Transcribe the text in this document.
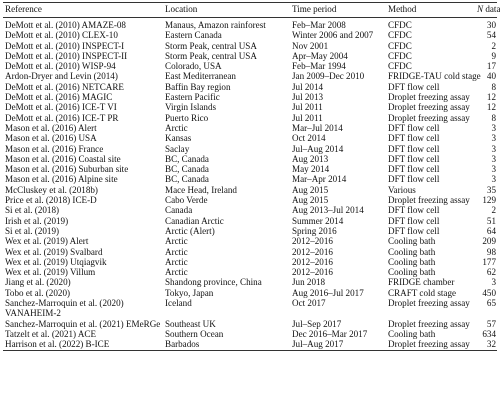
Reference	Location	Time period	Method	N data
DeMott et al. (2010) AMAZE-08	Manaus, Amazon rainforest	Feb–Mar 2008	CFDC	30
DeMott et al. (2010) CLEX-10	Eastern Canada	Winter 2006 and 2007	CFDC	54
DeMott et al. (2010) INSPECT-I	Storm Peak, central USA	Nov 2001	CFDC	2
DeMott et al. (2010) INSPECT-II	Storm Peak, central USA	Apr–May 2004	CFDC	9
DeMott et al. (2010) WISP-94	Colorado, USA	Feb–Mar 1994	CFDC	17
Ardon-Dryer and Levin (2014)	East Mediterranean	Jan 2009–Dec 2010	FRIDGE-TAU cold stage	40
DeMott et al. (2016) NETCARE	Baffin Bay region	Jul 2014	DFT flow cell	8
DeMott et al. (2016) MAGIC	Eastern Pacific	Jul 2013	Droplet freezing assay	12
DeMott et al. (2016) ICE-T VI	Virgin Islands	Jul 2011	Droplet freezing assay	12
DeMott et al. (2016) ICE-T PR	Puerto Rico	Jul 2011	Droplet freezing assay	8
Mason et al. (2016) Alert	Arctic	Mar–Jul 2014	DFT flow cell	3
Mason et al. (2016) USA	Kansas	Oct 2014	DFT flow cell	3
Mason et al. (2016) France	Saclay	Jul–Aug 2014	DFT flow cell	3
Mason et al. (2016) Coastal site	BC, Canada	Aug 2013	DFT flow cell	3
Mason et al. (2016) Suburban site	BC, Canada	May 2014	DFT flow cell	3
Mason et al. (2016) Alpine site	BC, Canada	Mar–Apr 2014	DFT flow cell	3
McCluskey et al. (2018b)	Mace Head, Ireland	Aug 2015	Various	35
Price et al. (2018) ICE-D	Cabo Verde	Aug 2015	Droplet freezing assay	129
Si et al. (2018)	Canada	Aug 2013–Jul 2014	DFT flow cell	2
Irish et al. (2019)	Canadian Arctic	Summer 2014	DFT flow cell	51
Si et al. (2019)	Arctic (Alert)	Spring 2016	DFT flow cell	64
Wex et al. (2019) Alert	Arctic	2012–2016	Cooling bath	209
Wex et al. (2019) Svalbard	Arctic	2012–2016	Cooling bath	98
Wex et al. (2019) Utqiagvik	Arctic	2012–2016	Cooling bath	177
Wex et al. (2019) Villum	Arctic	2012–2016	Cooling bath	62
Jiang et al. (2020)	Shandong province, China	Jun 2018	FRIDGE chamber	3
Tobo et al. (2020)	Tokyo, Japan	Aug 2016–Jul 2017	CRAFT cold stage	450
Sanchez-Marroquin et al. (2020) VANAHEIM-2	Iceland	Oct 2017	Droplet freezing assay	65
Sanchez-Marroquin et al. (2021) EMeRGe	Southeast UK	Jul–Sep 2017	Droplet freezing assay	57
Tatzelt et al. (2021) ACE	Southern Ocean	Dec 2016–Mar 2017	Cooling bath	634
Harrison et al. (2022) B-ICE	Barbados	Jul–Aug 2017	Droplet freezing assay	32
